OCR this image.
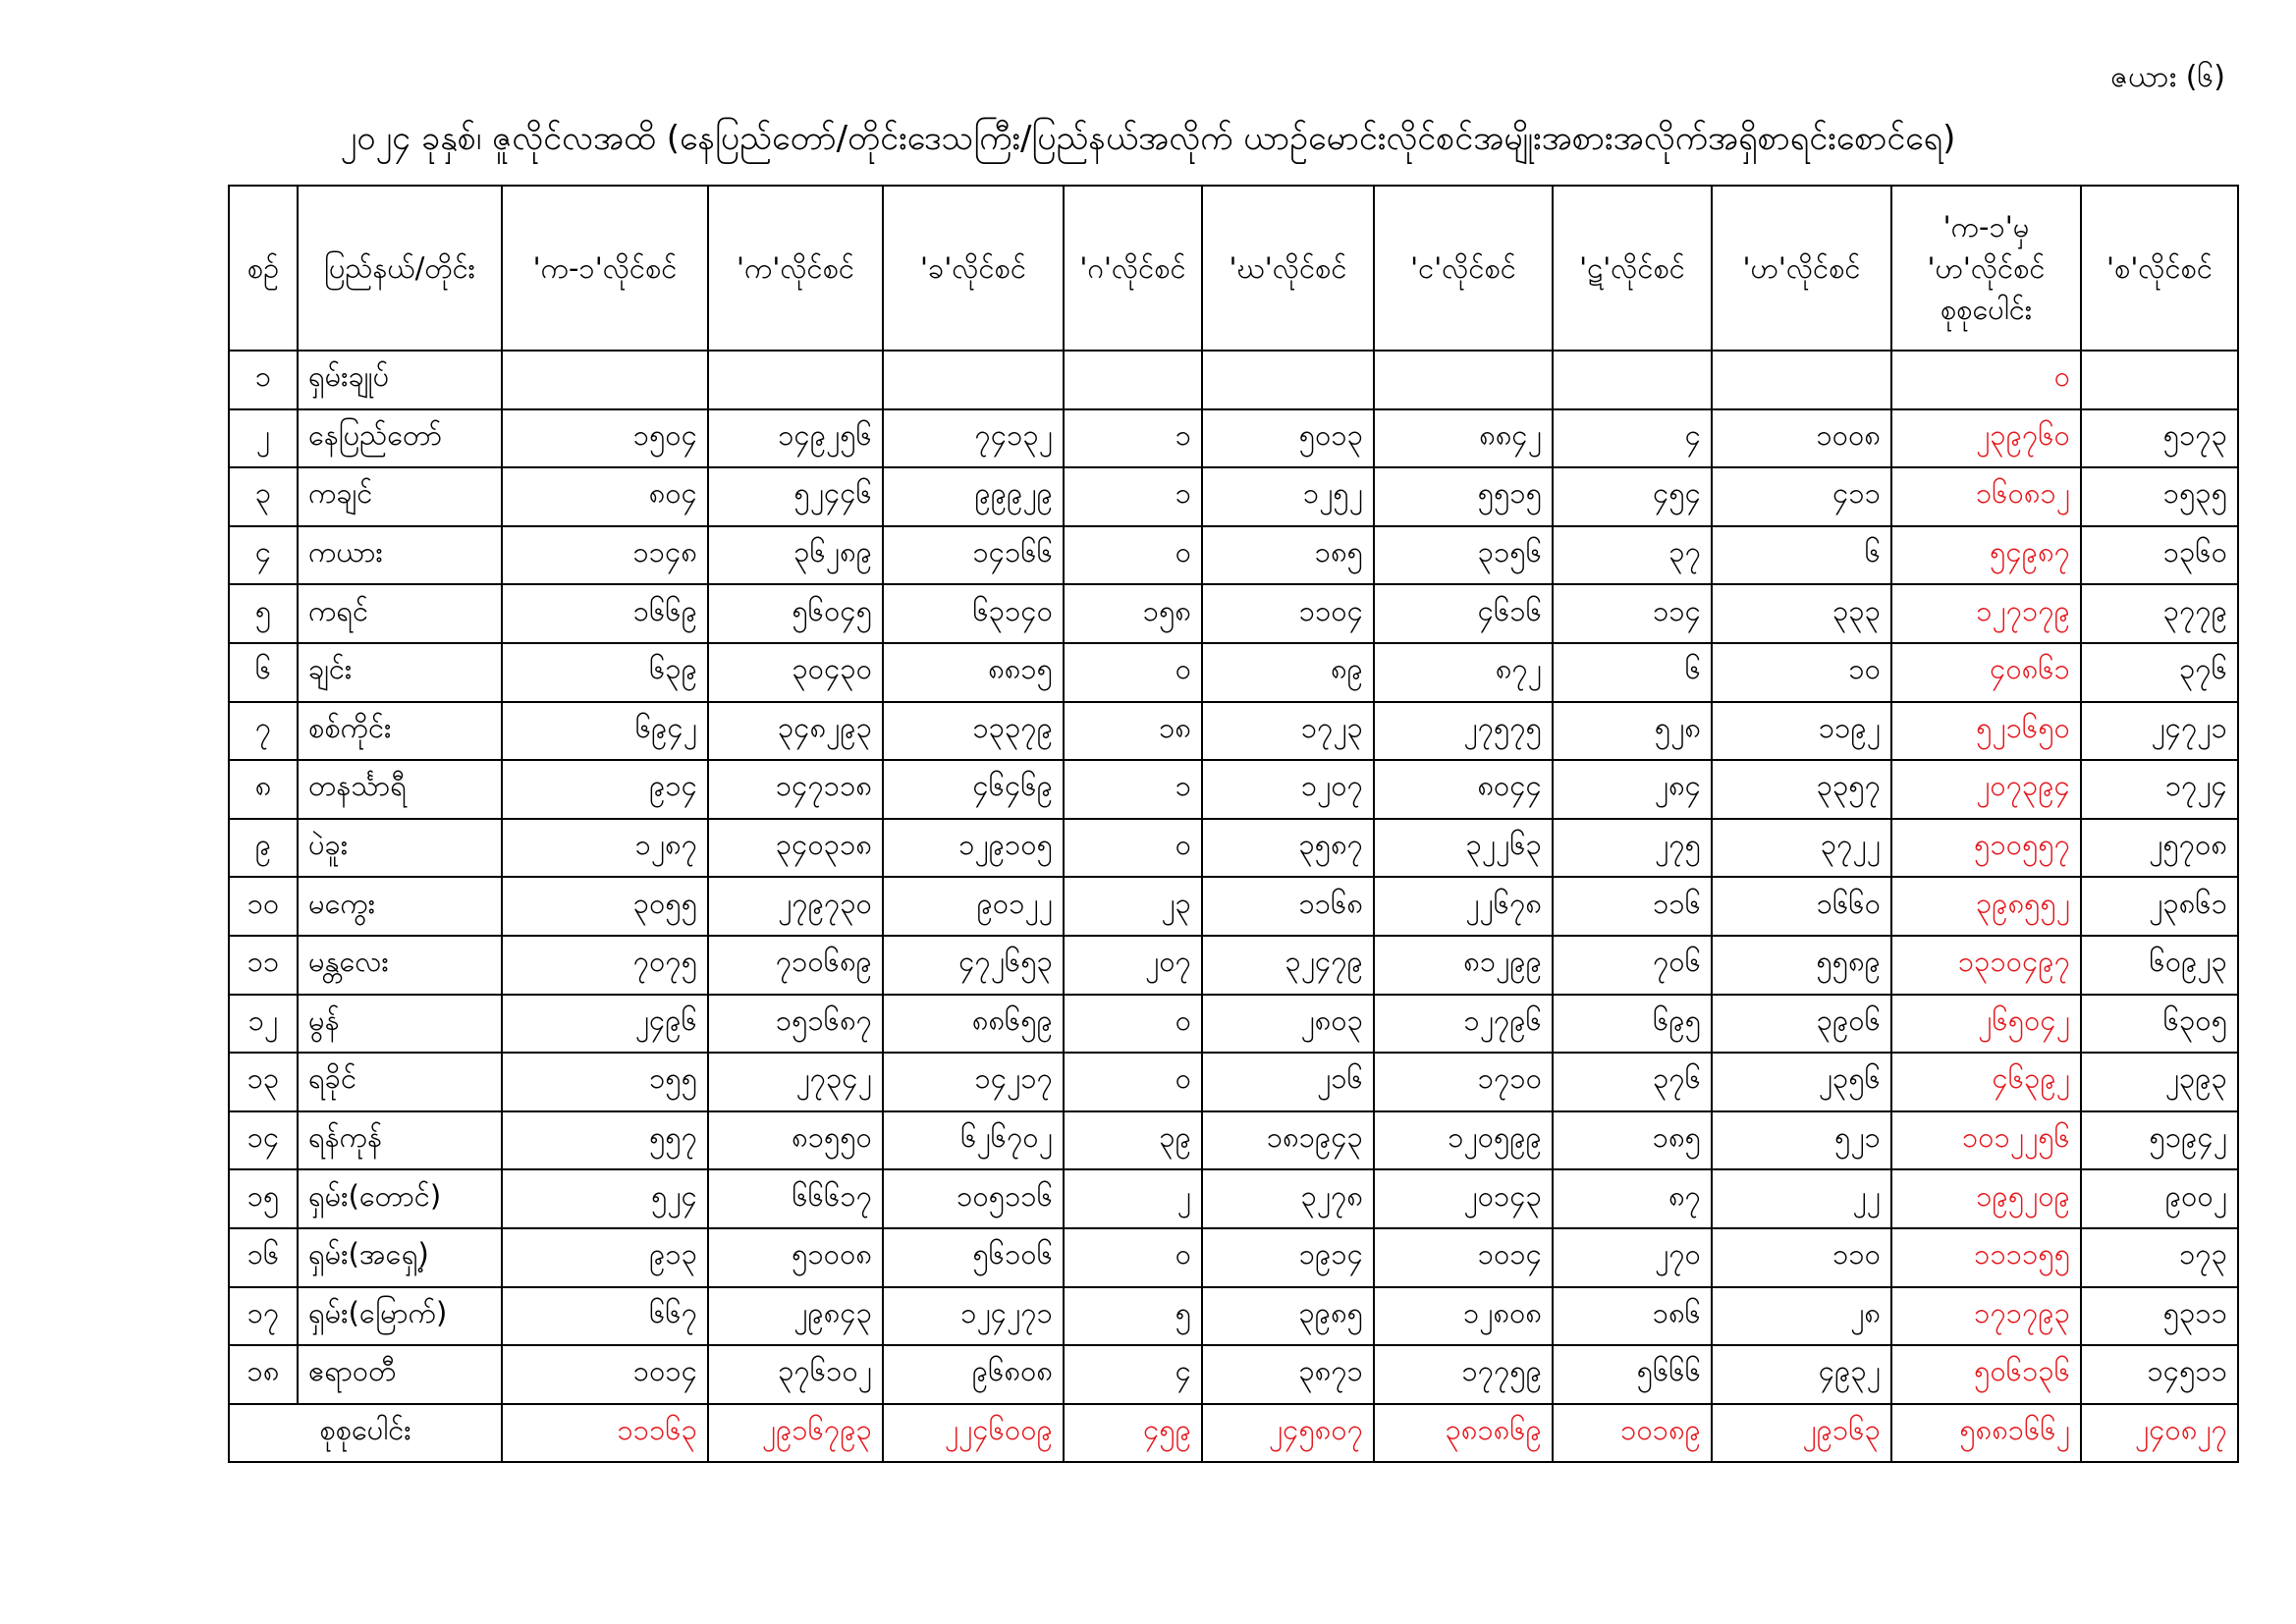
ဇယား (၆)
၂၀၂၄ ခုနှစ်၊ ဇူလိုင်လအထိ (နေပြည်တော်/တိုင်းဒေသကြီး/ပြည်နယ်အလိုက် ယာဉ်မောင်းလိုင်စင်အမျိုးအစားအလိုက်အရှိစာရင်းစောင်ရေ)
စဉ်	ပြည်နယ်/တိုင်း	'က-၁'လိုင်စင်	'က'လိုင်စင်	'ခ'လိုင်စင်	'ဂ'လိုင်စင်	'ဃ'လိုင်စင်	'င'လိုင်စင်	'ဋ'လိုင်စင်	'ဟ'လိုင်စင်	'က-၁'မှ 'ဟ'လိုင်စင် စုစုပေါင်း	'စ'လိုင်စင်
၁	ရှမ်းချုပ်									၀	
၂	နေပြည်တော်	၁၅၀၄	၁၄၉၂၅၆	၇၄၁၃၂	၁	၅၀၁၃	၈၈၄၂	၄	၁၀၀၈	၂၃၉၇၆၀	၅၁၇၃
၃	ကချင်	၈၀၄	၅၂၄၄၆	၉၉၉၂၉	၁	၁၂၅၂	၅၅၁၅	၄၅၄	၄၁၁	၁၆၀၈၁၂	၁၅၃၅
၄	ကယား	၁၁၄၈	၃၆၂၈၉	၁၄၁၆၆	၀	၁၈၅	၃၁၅၆	၃၇	၆	၅၄၉၈၇	၁၃၆၀
၅	ကရင်	၁၆၆၉	၅၆၀၄၅	၆၃၁၄၀	၁၅၈	၁၁၀၄	၄၆၁၆	၁၁၄	၃၃၃	၁၂၇၁၇၉	၃၇၇၉
၆	ချင်း	၆၃၉	၃၀၄၃၀	၈၈၁၅	၀	၈၉	၈၇၂	၆	၁၀	၄၀၈၆၁	၃၇၆
၇	စစ်ကိုင်း	၆၉၄၂	၃၄၈၂၉၃	၁၃၃၇၉	၁၈	၁၇၂၃	၂၇၅၇၅	၅၂၈	၁၁၉၂	၅၂၁၆၅၀	၂၄၇၂၁
၈	တနင်္သာရီ	၉၁၄	၁၄၇၁၁၈	၄၆၄၆၉	၁	၁၂၀၇	၈၀၄၄	၂၈၄	၃၃၅၇	၂၀၇၃၉၄	၁၇၂၄
၉	ပဲခူး	၁၂၈၇	၃၄၀၃၁၈	၁၂၉၁၀၅	၀	၃၅၈၇	၃၂၂၆၃	၂၇၅	၃၇၂၂	၅၁၀၅၅၇	၂၅၇၀၈
၁၀	မကွေး	၃၀၅၅	၂၇၉၇၃၀	၉၀၁၂၂	၂၃	၁၁၆၈	၂၂၆၇၈	၁၁၆	၁၆၆၀	၃၉၈၅၅၂	၂၃၈၆၁
၁၁	မန္တလေး	၇၀၇၅	၇၁၀၆၈၉	၄၇၂၆၅၃	၂၀၇	၃၂၄၇၉	၈၁၂၉၉	၇၀၆	၅၅၈၉	၁၃၁၀၄၉၇	၆၀၉၂၃
၁၂	မွန်	၂၄၉၆	၁၅၁၆၈၇	၈၈၆၅၉	၀	၂၈၀၃	၁၂၇၉၆	၆၉၅	၃၉၀၆	၂၆၅၀၄၂	၆၃၀၅
၁၃	ရခိုင်	၁၅၅	၂၇၃၄၂	၁၄၂၁၇	၀	၂၁၆	၁၇၁၀	၃၇၆	၂၃၅၆	၄၆၃၉၂	၂၃၉၃
၁၄	ရန်ကုန်	၅၅၇	၈၁၅၅၀	၆၂၆၇၀၂	၃၉	၁၈၁၉၄၃	၁၂၀၅၉၉	၁၈၅	၅၂၁	၁၀၁၂၂၅၆	၅၁၉၄၂
၁၅	ရှမ်း(တောင်)	၅၂၄	၆၆၆၁၇	၁၀၅၁၁၆	၂	၃၂၇၈	၂၀၁၄၃	၈၇	၂၂	၁၉၅၂၀၉	၉၀၀၂
၁၆	ရှမ်း(အရှေ့)	၉၁၃	၅၁၀၀၈	၅၆၁၀၆	၀	၁၉၁၄	၁၀၁၄	၂၇၀	၁၁၀	၁၁၁၁၅၅	၁၇၃
၁၇	ရှမ်း(မြောက်)	၆၆၇	၂၉၈၄၃	၁၂၄၂၇၁	၅	၃၉၈၅	၁၂၈၀၈	၁၈၆	၂၈	၁၇၁၇၉၃	၅၃၁၁
၁၈	ဧရာဝတီ	၁၀၁၄	၃၇၆၁၀၂	၉၆၈၀၈	၄	၃၈၇၁	၁၇၇၅၉	၅၆၆၆	၄၉၃၂	၅၀၆၁၃၆	၁၄၅၁၁
စုစုပေါင်း		၁၁၁၆၃	၂၉၁၆၇၉၃	၂၂၄၆၀၀၉	၄၅၉	၂၄၅၈၀၇	၃၈၁၈၆၉	၁၀၁၈၉	၂၉၁၆၃	၅၈၈၁၆၆၂	၂၄၀၈၂၇
